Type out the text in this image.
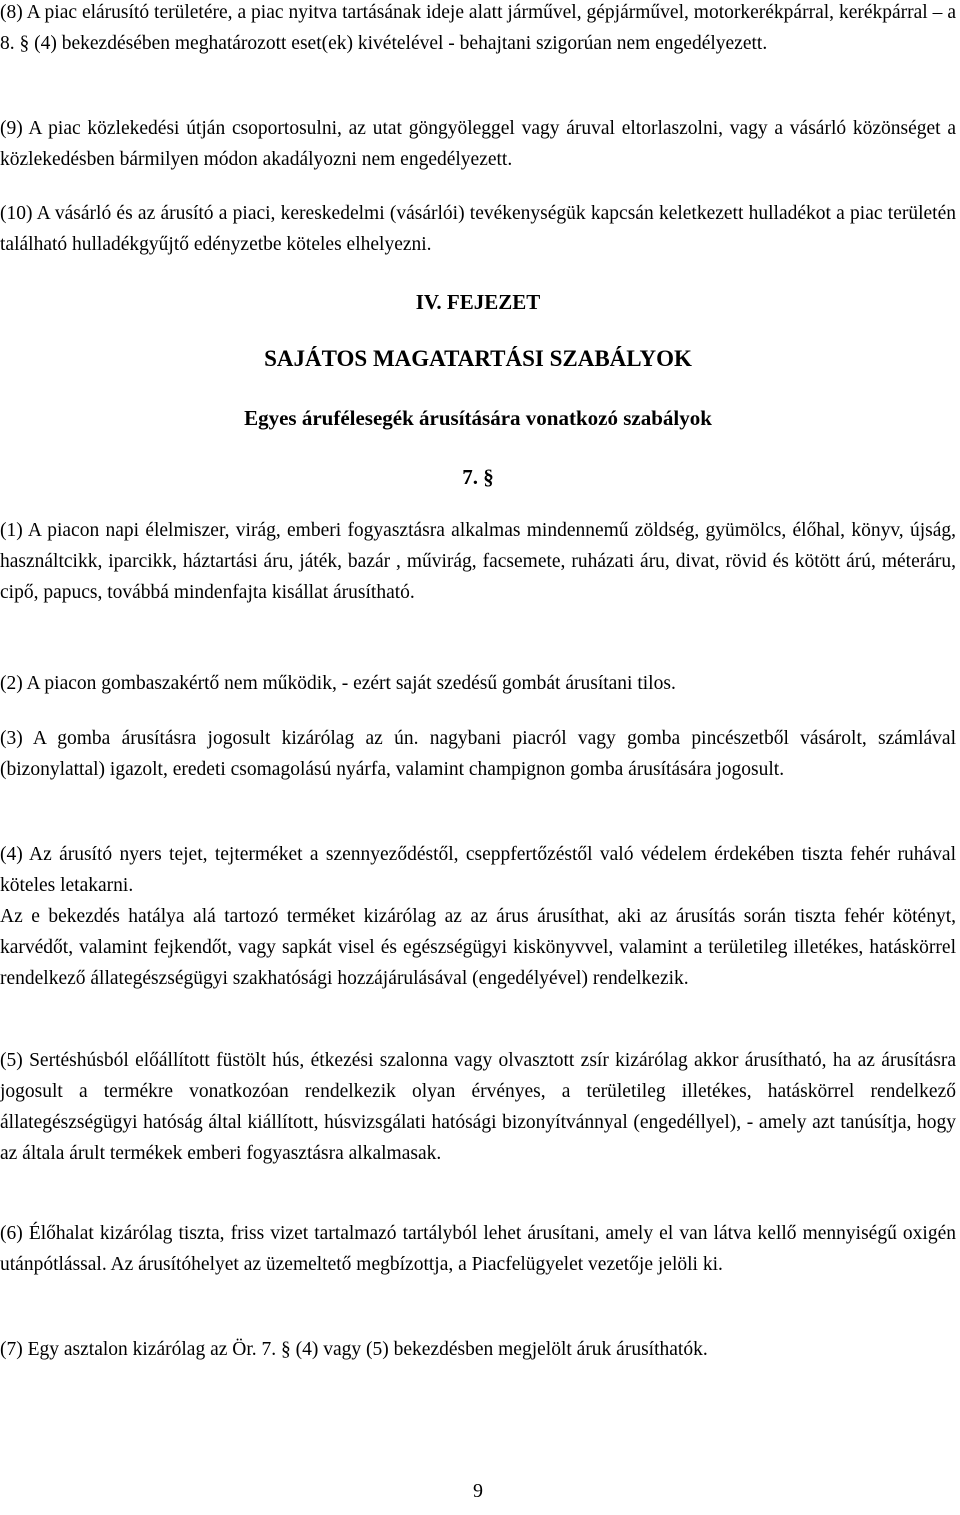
(8) A piac elárusító területére, a piac nyitva tartásának ideje alatt járművel, gépjárművel, motorkerékpárral, kerékpárral – a 8. § (4) bekezdésében meghatározott eset(ek) kivételével - behajtani szigorúan nem engedélyezett.

(9) A piac közlekedési útján csoportosulni, az utat göngyöleggel vagy áruval eltorlaszolni, vagy a vásárló közönséget a közlekedésben bármilyen módon akadályozni nem engedélyezett.

(10) A vásárló és az árusító a piaci, kereskedelmi (vásárlói) tevékenységük kapcsán keletkezett hulladékot a piac területén található hulladékgyűjtő edényzetbe köteles elhelyezni.

IV. FEJEZET
SAJÁTOS MAGATARTÁSI SZABÁLYOK
Egyes árufélesegék árusítására vonatkozó szabályok
7. §

(1) A piacon napi élelmiszer, virág, emberi fogyasztásra alkalmas mindennemű zöldség, gyümölcs, élőhal, könyv, újság, használtcikk, iparcikk, háztartási áru, játék, bazár , művirág, facsemete, ruházati áru, divat, rövid és kötött árú, méteráru, cipő, papucs, továbbá mindenfajta kisállat árusítható.

(2) A piacon gombaszakértő nem működik, - ezért saját szedésű gombát árusítani tilos.

(3) A gomba árusításra jogosult kizárólag az ún. nagybani piacról vagy gomba pincészetből vásárolt, számlával (bizonylattal) igazolt, eredeti csomagolású nyárfa, valamint champignon gomba árusítására jogosult.

(4) Az árusító nyers tejet, tejterméket a szennyeződéstől, cseppfertőzéstől való védelem érdekében tiszta fehér ruhával köteles letakarni.

Az e bekezdés hatálya alá tartozó terméket kizárólag az az árus árusíthat, aki az árusítás során tiszta fehér kötényt, karvédőt, valamint fejkendőt, vagy sapkát visel és egészségügyi kiskönyvvel, valamint a területileg illetékes, hatáskörrel rendelkező állategészségügyi szakhatósági hozzájárulásával (engedélyével) rendelkezik.

(5) Sertéshúsból előállított füstölt hús, étkezési szalonna vagy olvasztott zsír kizárólag akkor árusítható, ha az árusításra jogosult a termékre vonatkozóan rendelkezik olyan érvényes, a területileg illetékes, hatáskörrel rendelkező állategészségügyi hatóság által kiállított, húsvizsgálati hatósági bizonyítvánnyal (engedéllyel), - amely azt tanúsítja, hogy az általa árult termékek emberi fogyasztásra alkalmasak.

(6) Élőhalat kizárólag tiszta, friss vizet tartalmazó tartályból lehet árusítani, amely el van látva kellő mennyiségű oxigén utánpótlással. Az árusítóhelyet az üzemeltető megbízottja, a Piacfelügyelet vezetője jelöli ki.

(7) Egy asztalon kizárólag az Ör. 7. § (4) vagy (5) bekezdésben megjelölt áruk árusíthatók.

9
